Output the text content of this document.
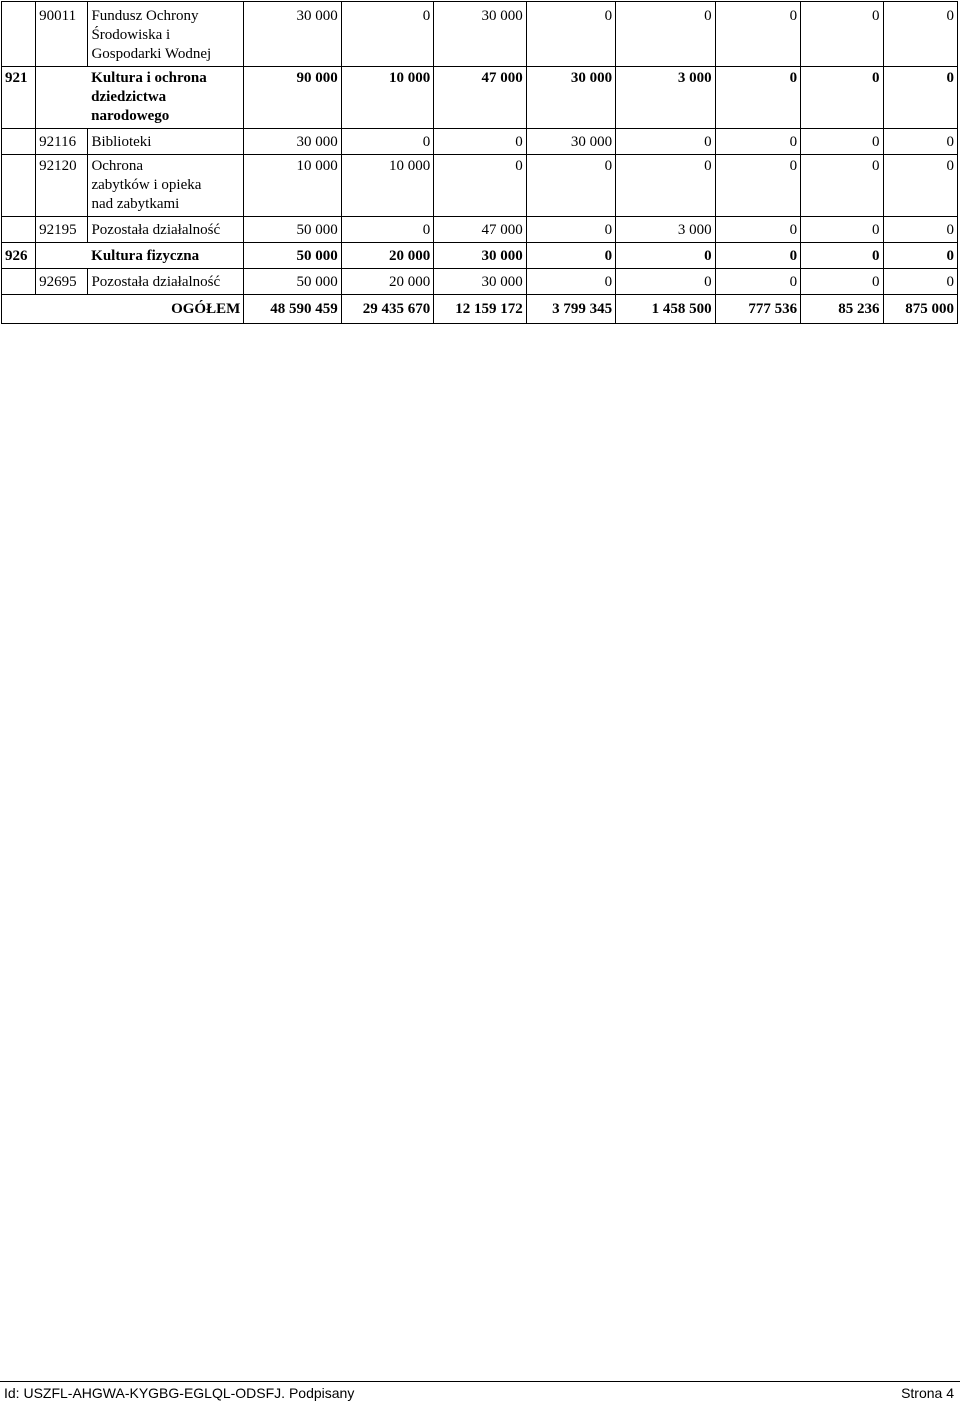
	90011	Fundusz Ochrony Środowiska i Gospodarki Wodnej	30 000	0	30 000	0	0	0	0	0
921	Kultura i ochrona dziedzictwa narodowego		90 000	10 000	47 000	30 000	3 000	0	0	0
	92116	Biblioteki	30 000	0	0	30 000	0	0	0	0
	92120	Ochrona zabytków i opieka nad zabytkami	10 000	10 000	0	0	0	0	0	0
	92195	Pozostała działalność	50 000	0	47 000	0	3 000	0	0	0
926	Kultura fizyczna		50 000	20 000	30 000	0	0	0	0	0
	92695	Pozostała działalność	50 000	20 000	30 000	0	0	0	0	0
OGÓŁEM			48 590 459	29 435 670	12 159 172	3 799 345	1 458 500	777 536	85 236	875 000
Id: USZFL-AHGWA-KYGBG-EGLQL-ODSFJ. Podpisany	Strona 4
